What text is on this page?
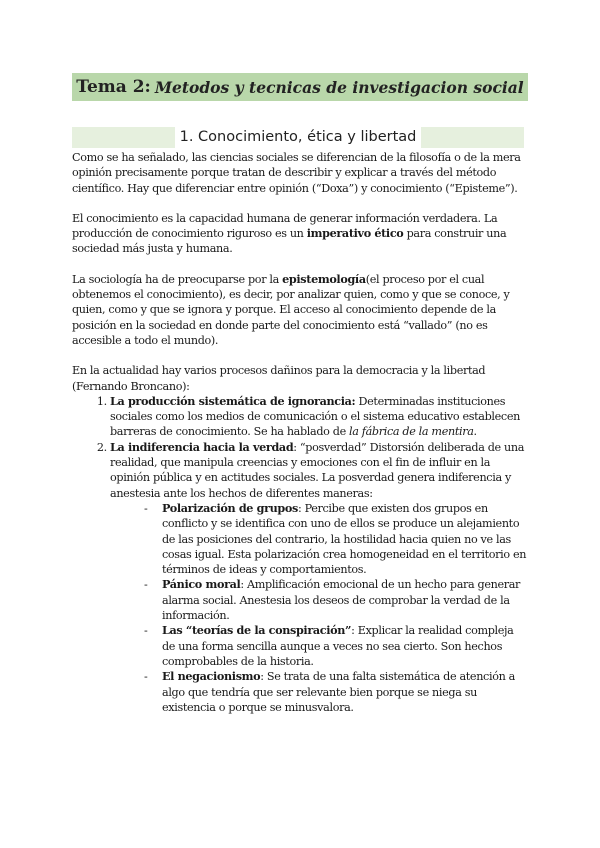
Tema 2: Metodos y tecnicas de investigacion social
1. Conocimiento, ética y libertad

Como se ha señalado, las ciencias sociales se diferencian de la filosofía o de la mera opinión precisamente porque tratan de describir y explicar a través del método científico. Hay que diferenciar entre opinión (“Doxa”) y conocimiento (“Episteme”).

El conocimiento es la capacidad humana de generar información verdadera. La producción de conocimiento riguroso es un imperativo ético para construir una sociedad más justa y humana.

La sociología ha de preocuparse por la epistemología(el proceso por el cual obtenemos el conocimiento), es decir, por analizar quien, como y que se conoce, y quien, como y que se ignora y porque. El acceso al conocimiento depende de la posición en la sociedad en donde parte del conocimiento está “vallado” (no es accesible a todo el mundo).

En la actualidad hay varios procesos dañinos para la democracia y la libertad (Fernando Broncano):

1. La producción sistemática de ignorancia: Determinadas instituciones sociales como los medios de comunicación o el sistema educativo establecen barreras de conocimiento. Se ha hablado de la fábrica de la mentira.
2. La indiferencia hacia la verdad: “posverdad” Distorsión deliberada de una realidad, que manipula creencias y emociones con el fin de influir en la opinión pública y en actitudes sociales. La posverdad genera indiferencia y anestesia ante los hechos de diferentes maneras:
- Polarización de grupos: Percibe que existen dos grupos en conflicto y se identifica con uno de ellos se produce un alejamiento de las posiciones del contrario, la hostilidad hacia quien no ve las cosas igual. Esta polarización crea homogeneidad en el territorio en términos de ideas y comportamientos.
- Pánico moral: Amplificación emocional de un hecho para generar alarma social. Anestesia los deseos de comprobar la verdad de la información.
- Las “teorías de la conspiración”: Explicar la realidad compleja de una forma sencilla aunque a veces no sea cierto. Son hechos comprobables de la historia.
- El negacionismo: Se trata de una falta sistemática de atención a algo que tendría que ser relevante bien porque se niega su existencia o porque se minusvalora.
